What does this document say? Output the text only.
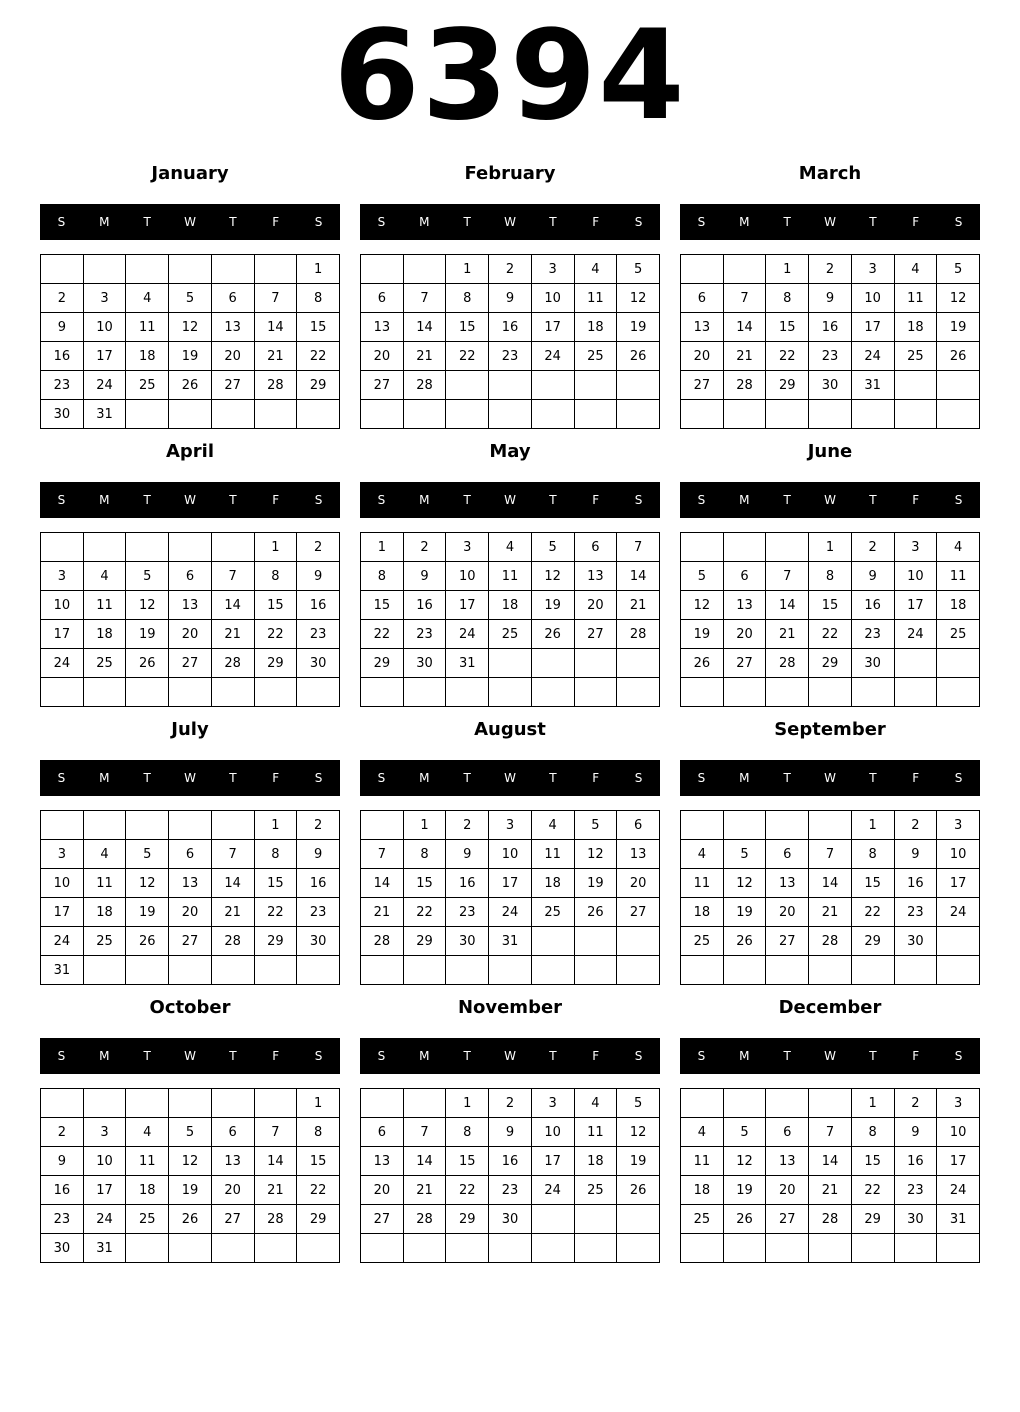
6394
January
S	M	T	W	T	F	S
						1
2	3	4	5	6	7	8
9	10	11	12	13	14	15
16	17	18	19	20	21	22
23	24	25	26	27	28	29
30	31					
February
S	M	T	W	T	F	S
		1	2	3	4	5
6	7	8	9	10	11	12
13	14	15	16	17	18	19
20	21	22	23	24	25	26
27	28					

March
S	M	T	W	T	F	S
		1	2	3	4	5
6	7	8	9	10	11	12
13	14	15	16	17	18	19
20	21	22	23	24	25	26
27	28	29	30	31		

April
S	M	T	W	T	F	S
					1	2
3	4	5	6	7	8	9
10	11	12	13	14	15	16
17	18	19	20	21	22	23
24	25	26	27	28	29	30

May
S	M	T	W	T	F	S
1	2	3	4	5	6	7
8	9	10	11	12	13	14
15	16	17	18	19	20	21
22	23	24	25	26	27	28
29	30	31				

June
S	M	T	W	T	F	S
			1	2	3	4
5	6	7	8	9	10	11
12	13	14	15	16	17	18
19	20	21	22	23	24	25
26	27	28	29	30		

July
S	M	T	W	T	F	S
					1	2
3	4	5	6	7	8	9
10	11	12	13	14	15	16
17	18	19	20	21	22	23
24	25	26	27	28	29	30
31						
August
S	M	T	W	T	F	S
	1	2	3	4	5	6
7	8	9	10	11	12	13
14	15	16	17	18	19	20
21	22	23	24	25	26	27
28	29	30	31			

September
S	M	T	W	T	F	S
				1	2	3
4	5	6	7	8	9	10
11	12	13	14	15	16	17
18	19	20	21	22	23	24
25	26	27	28	29	30	

October
S	M	T	W	T	F	S
						1
2	3	4	5	6	7	8
9	10	11	12	13	14	15
16	17	18	19	20	21	22
23	24	25	26	27	28	29
30	31					
November
S	M	T	W	T	F	S
		1	2	3	4	5
6	7	8	9	10	11	12
13	14	15	16	17	18	19
20	21	22	23	24	25	26
27	28	29	30			

December
S	M	T	W	T	F	S
				1	2	3
4	5	6	7	8	9	10
11	12	13	14	15	16	17
18	19	20	21	22	23	24
25	26	27	28	29	30	31
